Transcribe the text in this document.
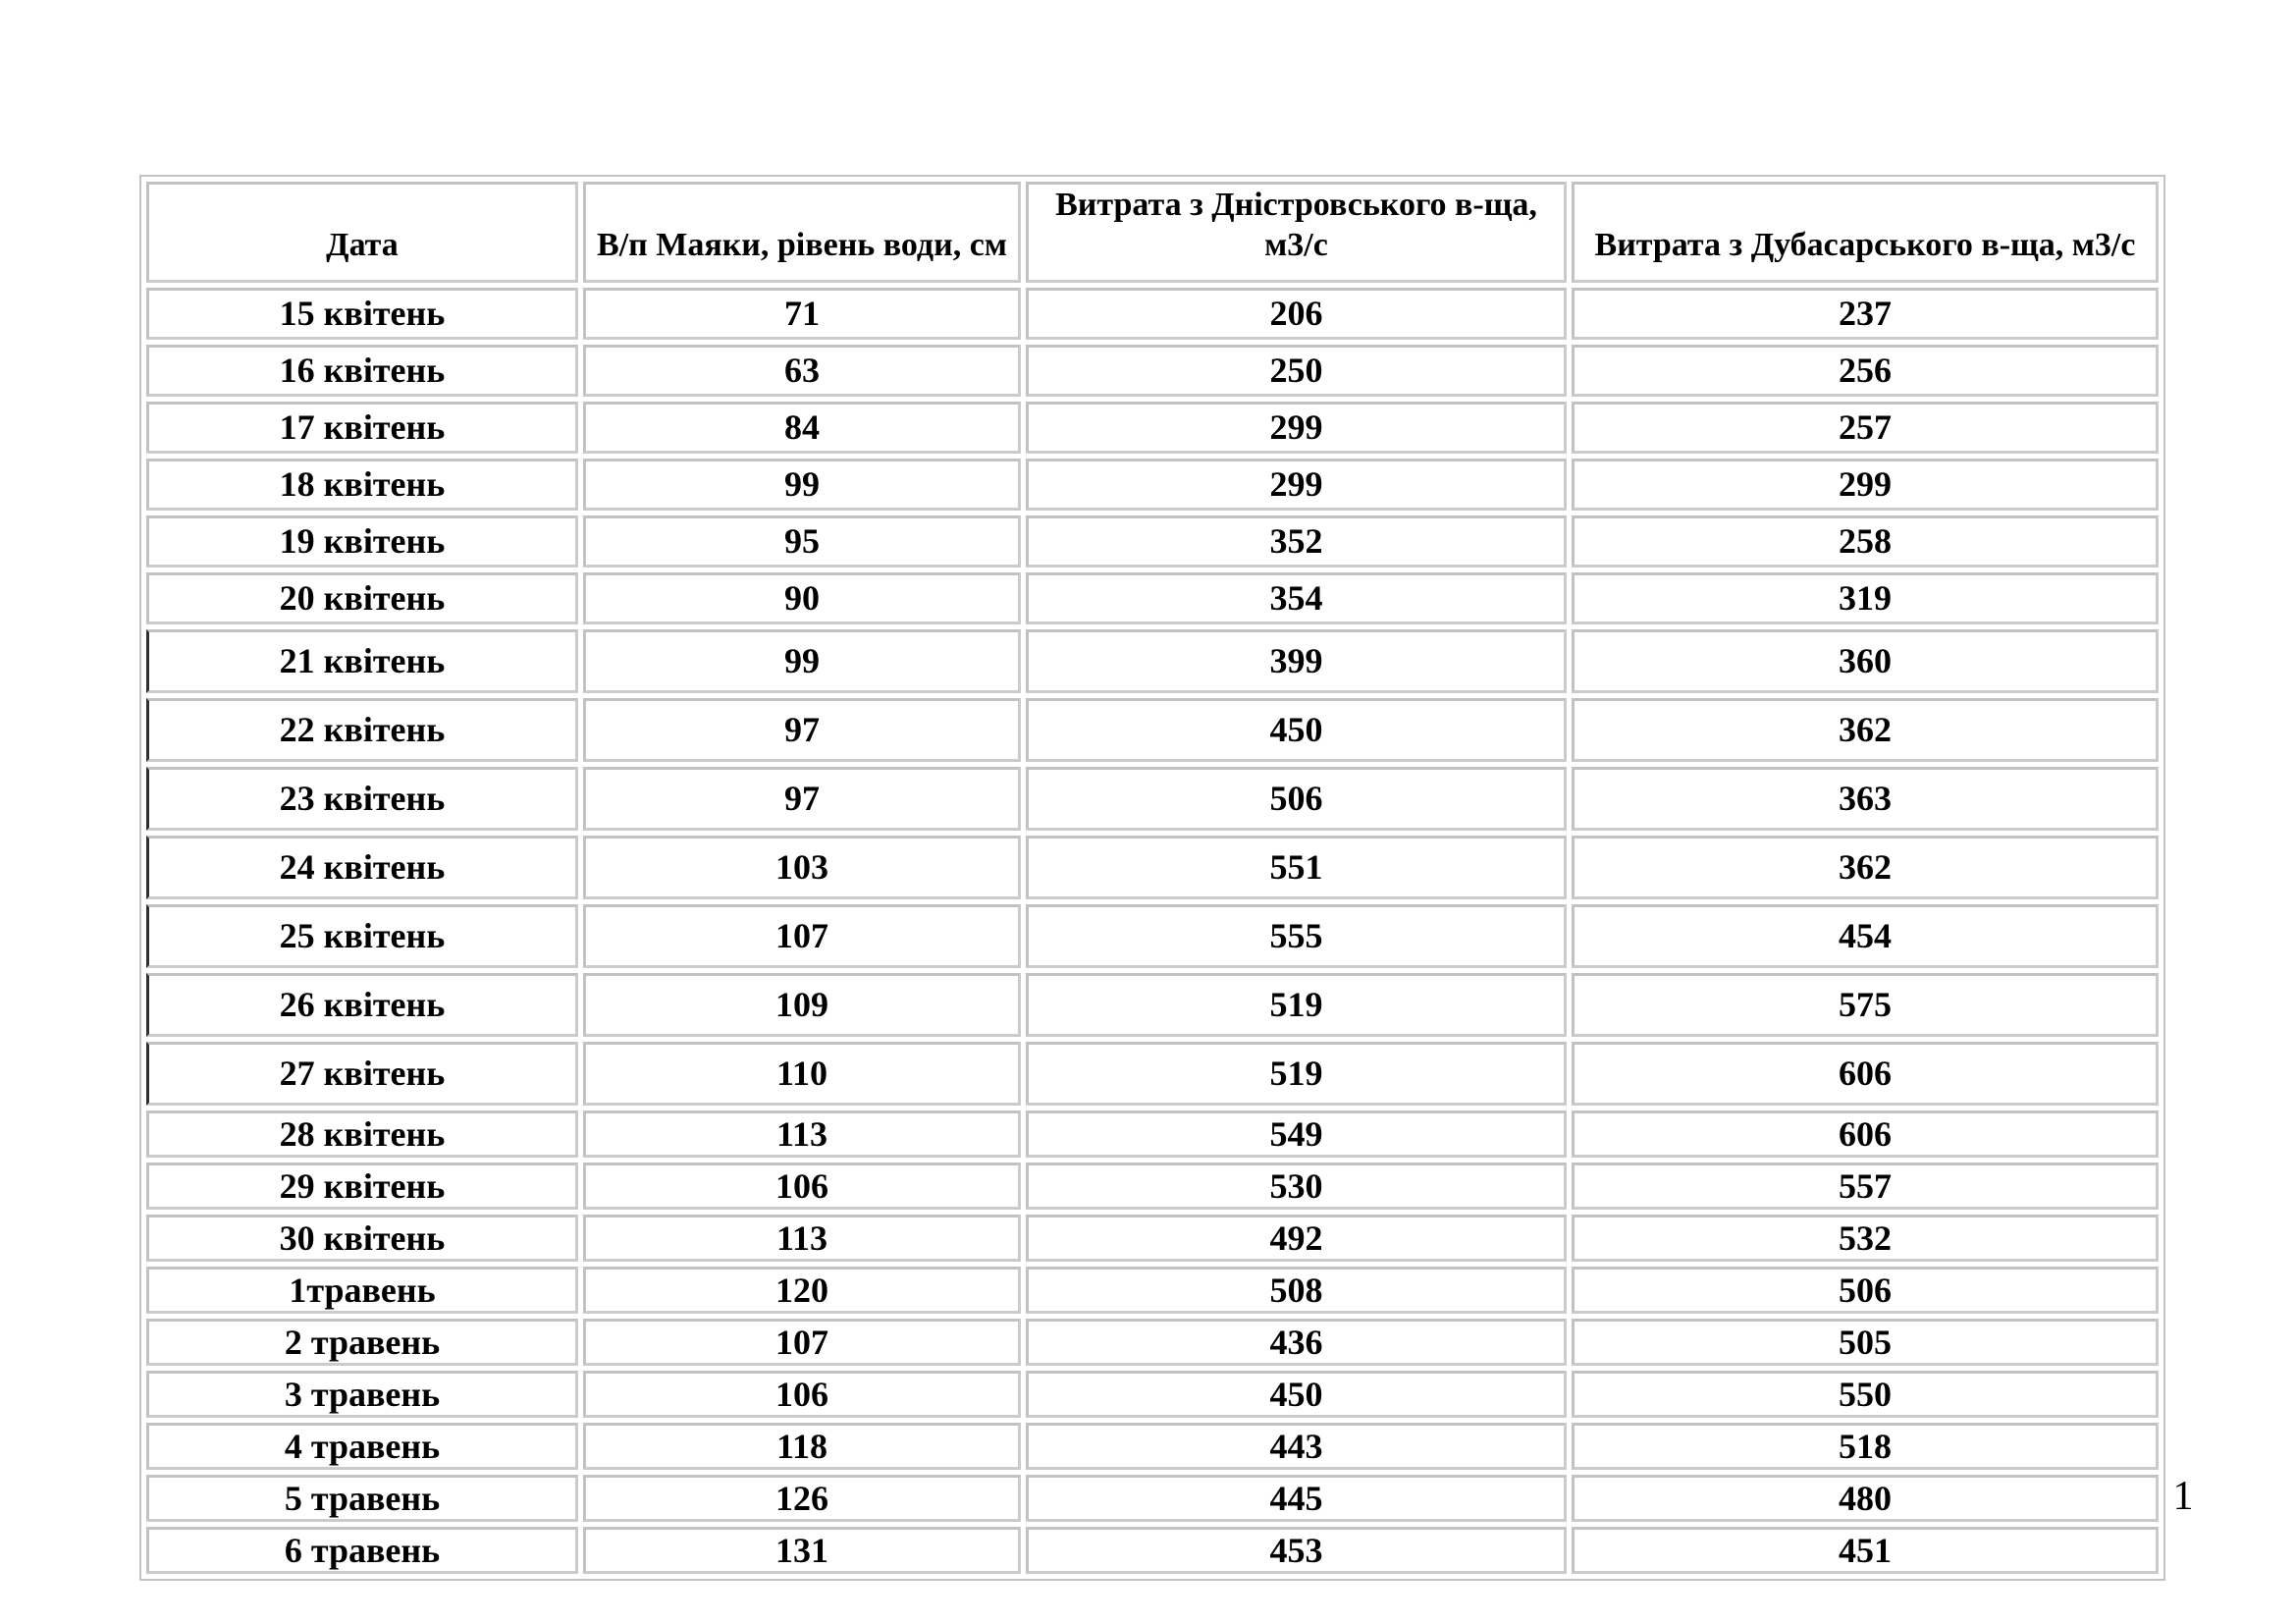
Дата	В/п Маяки, рівень води, см	Витрата з Дністровського в-ща, м3/с	Витрата з Дубасарського в-ща, м3/с
15 квітень	71	206	237
16 квітень	63	250	256
17 квітень	84	299	257
18 квітень	99	299	299
19 квітень	95	352	258
20 квітень	90	354	319
21 квітень	99	399	360
22 квітень	97	450	362
23 квітень	97	506	363
24 квітень	103	551	362
25 квітень	107	555	454
26 квітень	109	519	575
27 квітень	110	519	606
28 квітень	113	549	606
29 квітень	106	530	557
30 квітень	113	492	532
1травень	120	508	506
2 травень	107	436	505
3 травень	106	450	550
4 травень	118	443	518
5 травень	126	445	480
6 травень	131	453	451
1
